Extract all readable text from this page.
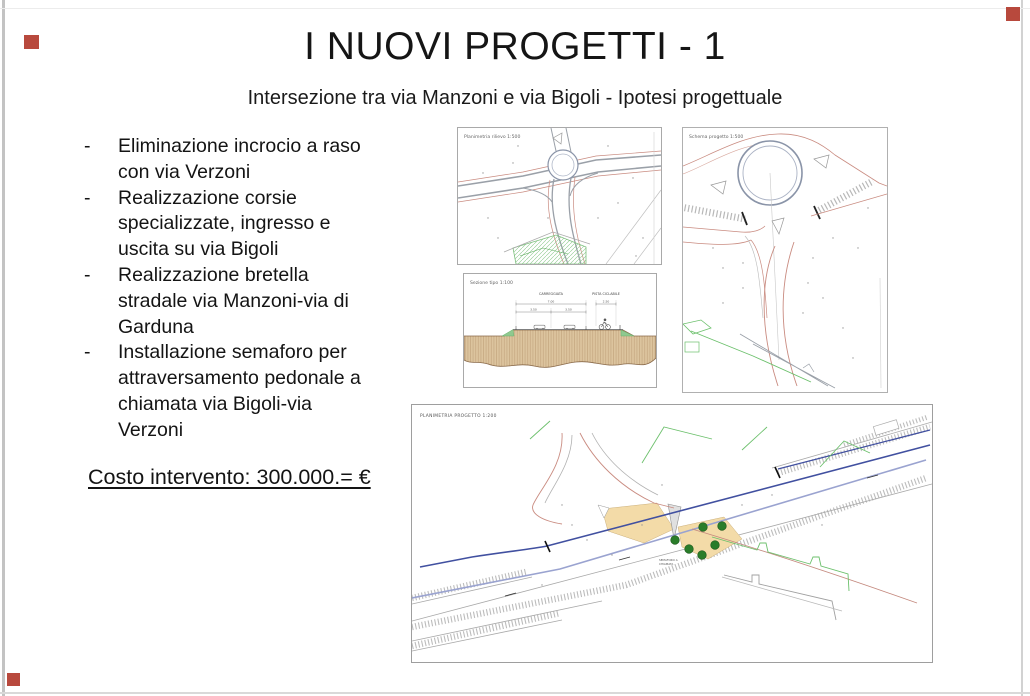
I NUOVI PROGETTI - 1
Intersezione tra via Manzoni e via Bigoli - Ipotesi progettuale
-	Eliminazione incrocio a raso
con via Verzoni
-	Realizzazione corsie
specializzate, ingresso e
uscita su via Bigoli
-	Realizzazione bretella
stradale via Manzoni-via di
Garduna
-	Installazione semaforo per
attraversamento pedonale a
chiamata via Bigoli-via
Verzoni
Costo intervento: 300.000.= €
Planimetria rilievo 1:500	Schema progetto 1:500
7.00
3.50	3.50
2.50
CARREGGIATA	PISTA CICLABILE
Sezione tipo 1:100
SEMAFORO A
CHIAMATA
PLANIMETRIA PROGETTO 1:200
